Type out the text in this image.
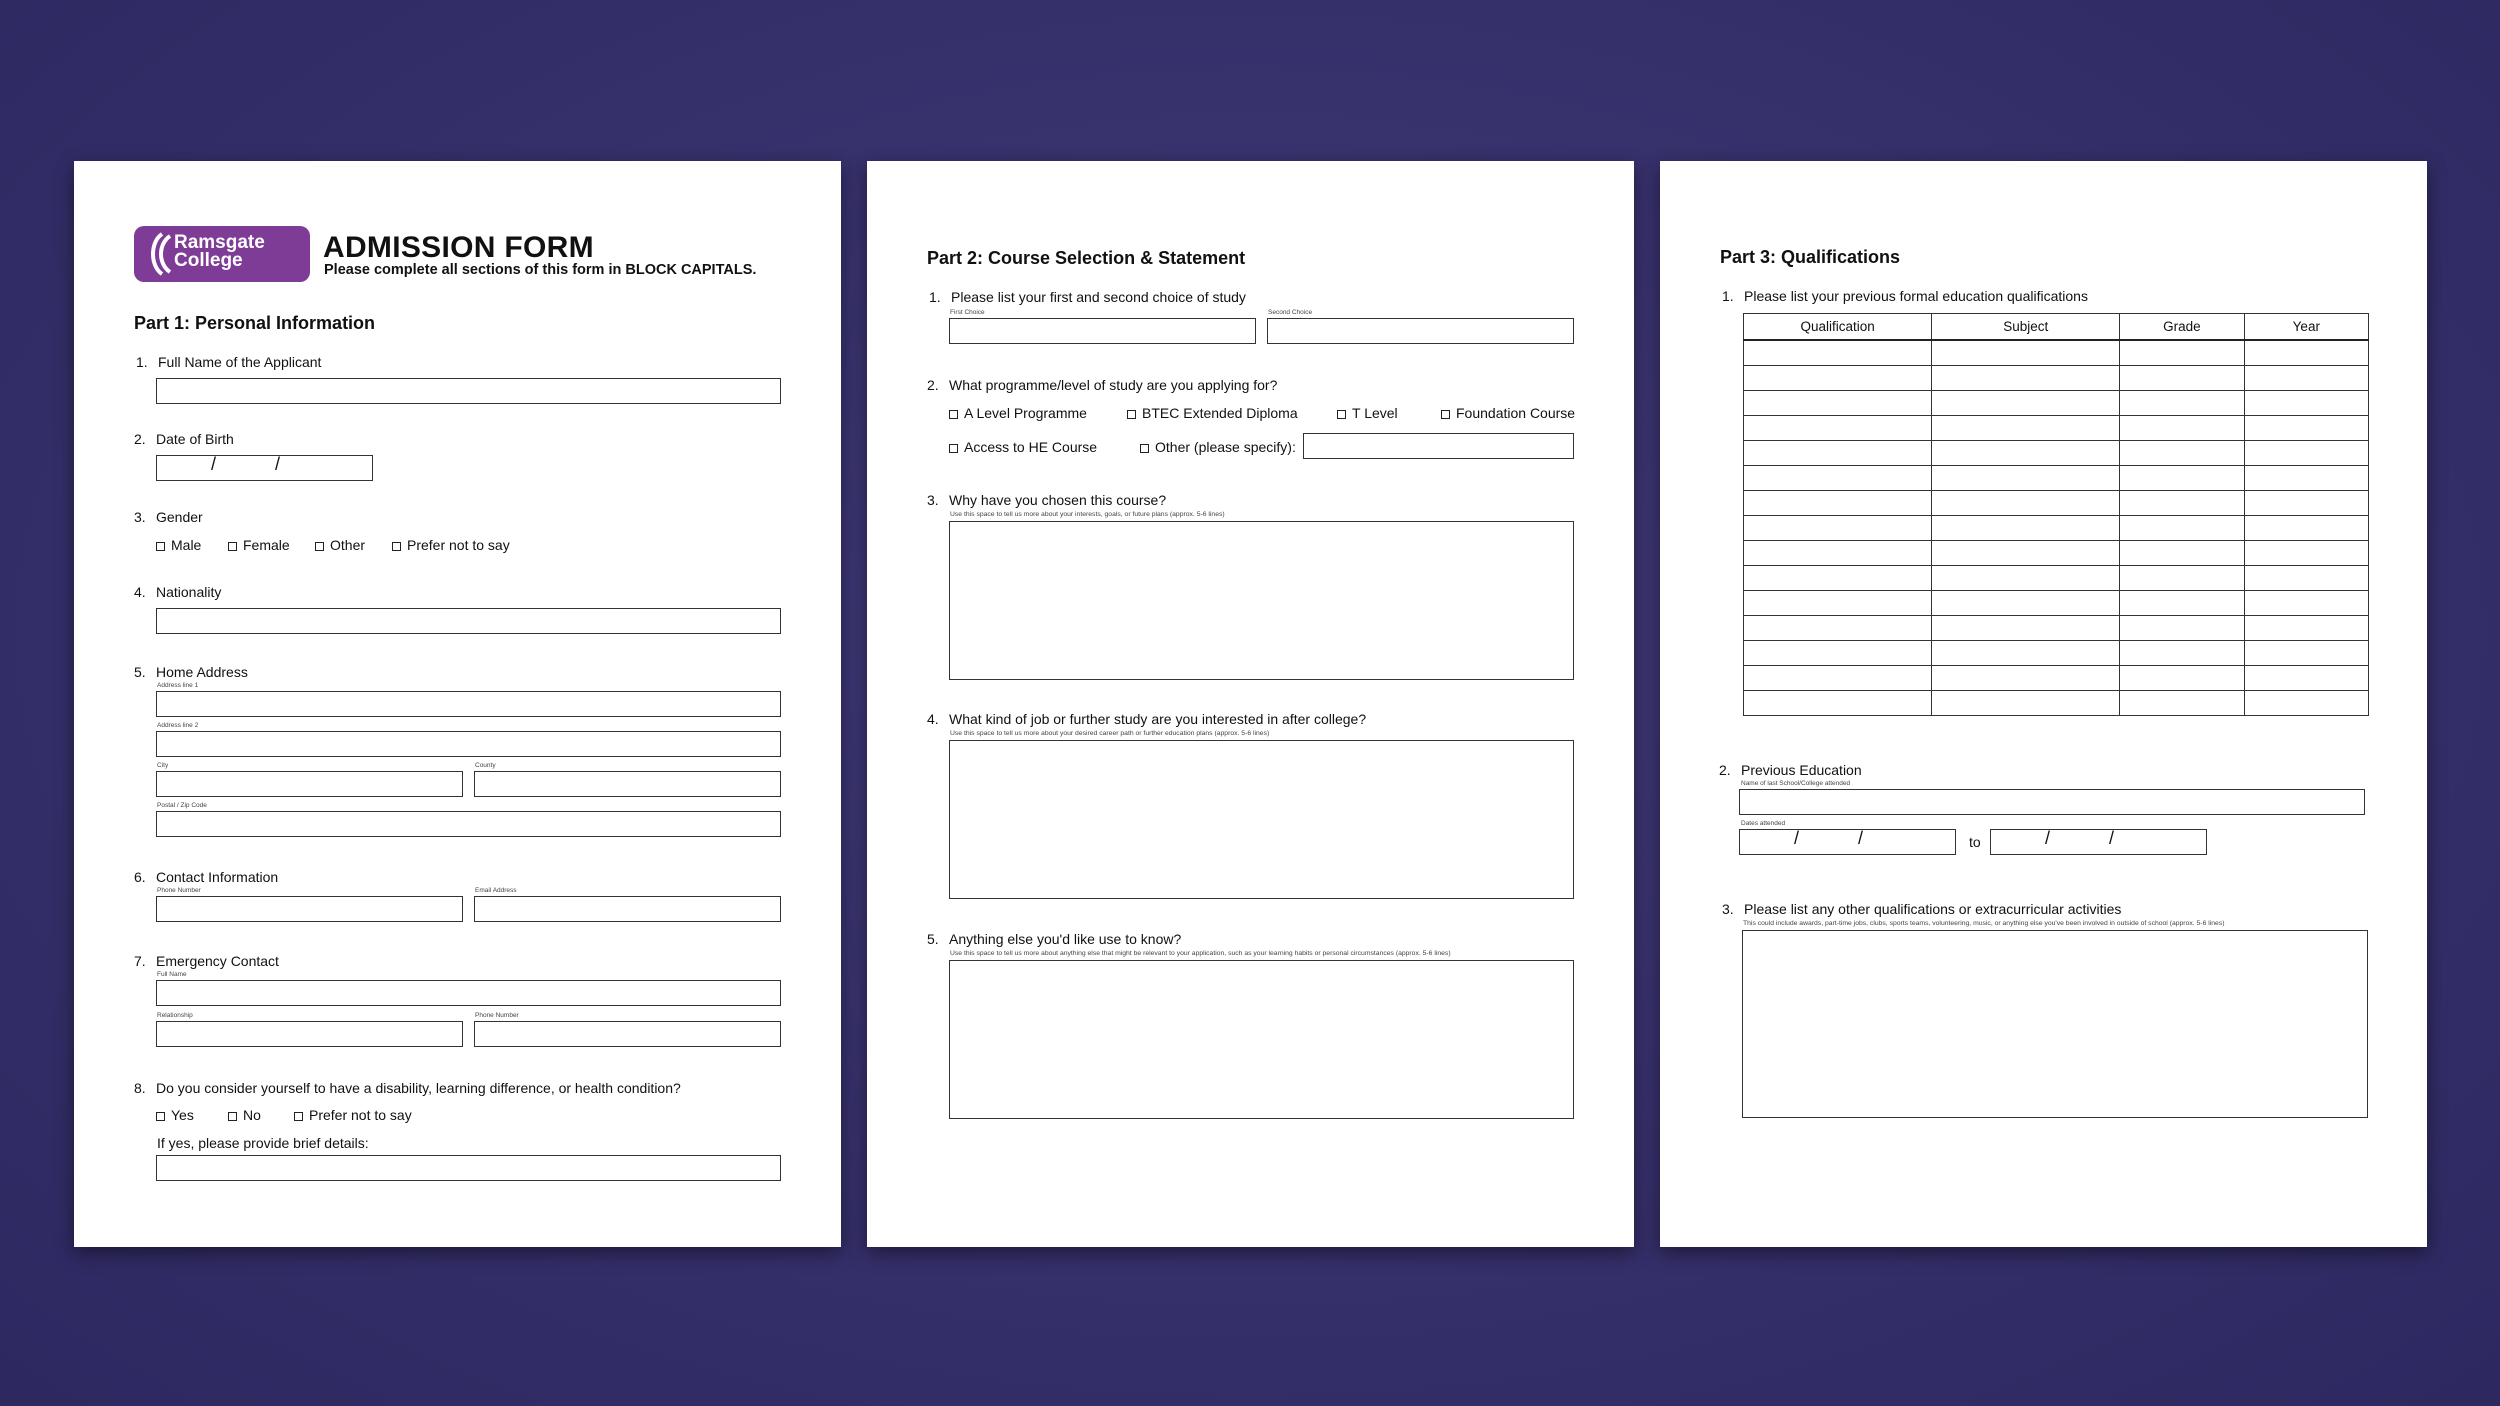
Ramsgate
College	ADMISSION FORM
Please complete all sections of this form in BLOCK CAPITALS.
Part 1: Personal Information
1. Full Name of the Applicant
2. Date of Birth
/	/
3. Gender
Male	Female	Other	Prefer not to say
4. Nationality
5. Home Address
Address line 1
Address line 2
City	County
Postal / Zip Code
6. Contact Information
Phone Number	Email Address
7. Emergency Contact
Full Name
Relationship	Phone Number
8. Do you consider yourself to have a disability, learning difference, or health condition?
Yes	No	Prefer not to say
If yes, please provide brief details:
Part 2: Course Selection & Statement
1. Please list your first and second choice of study
First Choice	Second Choice
2. What programme/level of study are you applying for?
A Level Programme	BTEC Extended Diploma	T Level	Foundation Course
Access to HE Course	Other (please specify):
3. Why have you chosen this course?
Use this space to tell us more about your interests, goals, or future plans (approx. 5-6 lines)
4. What kind of job or further study are you interested in after college?
Use this space to tell us more about your desired career path or further education plans (approx. 5-6 lines)
5. Anything else you'd like use to know?
Use this space to tell us more about anything else that might be relevant to your application, such as your learning habits or personal circumstances (approx. 5-6 lines)
Part 3: Qualifications
1. Please list your previous formal education qualifications
Qualification	Subject	Grade	Year

2. Previous Education
Name of last School/College attended
Dates attended
/	/	to	/	/
3. Please list any other qualifications or extracurricular activities
This could include awards, part-time jobs, clubs, sports teams, volunteering, music, or anything else you've been involved in outside of school (approx. 5-6 lines)
